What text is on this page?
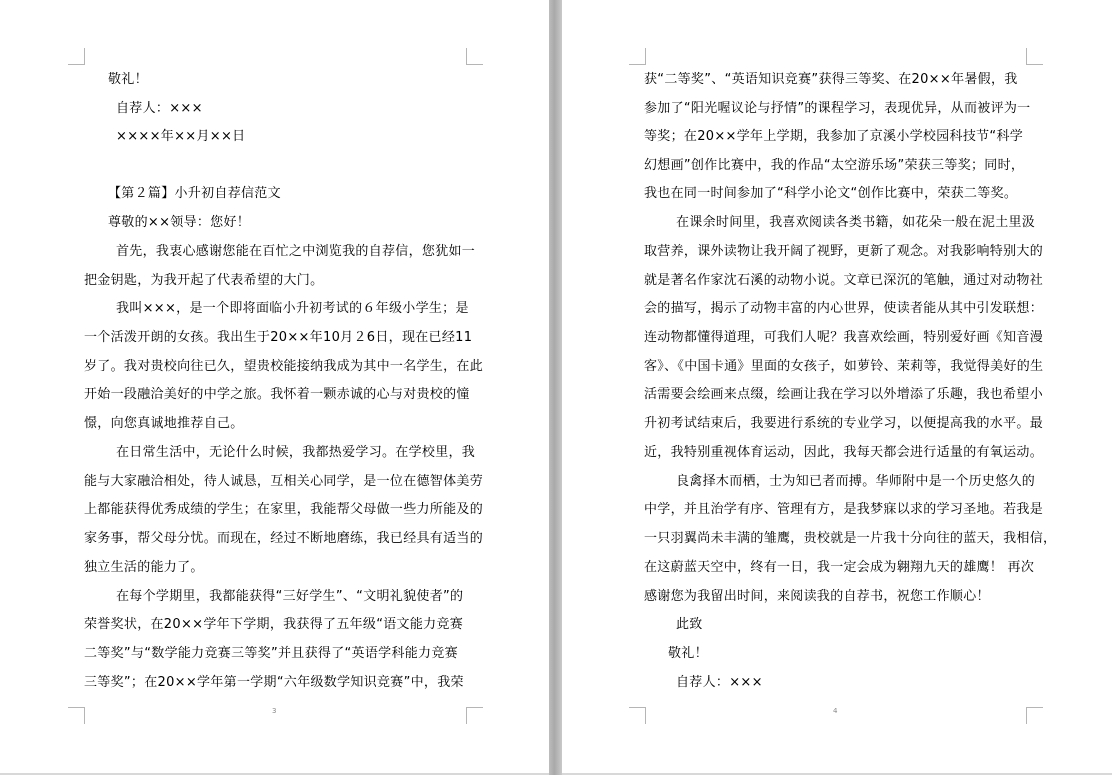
敬礼！

自荐人：×××

××××年××月××日

【第２篇】小升初自荐信范文

尊敬的××领导：您好！

首先，我衷心感谢您能在百忙之中浏览我的自荐信，您犹如一

把金钥匙，为我开起了代表希望的大门。

我叫×××，是一个即将面临小升初考试的６年级小学生；是

一个活泼开朗的女孩。我出生于20××年10月２6日，现在已经11

岁了。我对贵校向往已久，望贵校能接纳我成为其中一名学生，在此

开始一段融洽美好的中学之旅。我怀着一颗赤诚的心与对贵校的憧

憬，向您真诚地推荐自己。

在日常生活中，无论什么时候，我都热爱学习。在学校里，我

能与大家融洽相处，待人诚恳，互相关心同学，是一位在德智体美劳

上都能获得优秀成绩的学生；在家里，我能帮父母做一些力所能及的

家务事，帮父母分忧。而现在，经过不断地磨练，我已经具有适当的

独立生活的能力了。

在每个学期里，我都能获得“三好学生”、“文明礼貌使者”的

荣誉奖状，在20××学年下学期，我获得了五年级“语文能力竞赛

二等奖”与“数学能力竞赛三等奖”并且获得了“英语学科能力竞赛

三等奖”；在20××学年第一学期“六年级数学知识竞赛”中，我荣

3

获“二等奖”、“英语知识竞赛”获得三等奖、在20××年暑假，我

参加了“阳光喔议论与抒情”的课程学习，表现优异，从而被评为一

等奖；在20××学年上学期，我参加了京溪小学校园科技节“科学

幻想画”创作比赛中，我的作品“太空游乐场”荣获三等奖；同时，

我也在同一时间参加了“科学小论文“创作比赛中，荣获二等奖。

在课余时间里，我喜欢阅读各类书籍，如花朵一般在泥土里汲

取营养，课外读物让我开阔了视野，更新了观念。对我影响特别大的

就是著名作家沈石溪的动物小说。文章已深沉的笔触，通过对动物社

会的描写，揭示了动物丰富的内心世界，使读者能从其中引发联想：

连动物都懂得道理，可我们人呢？我喜欢绘画，特别爱好画《知音漫

客》、《中国卡通》里面的女孩子，如萝铃、茉莉等，我觉得美好的生

活需要会绘画来点缀，绘画让我在学习以外增添了乐趣，我也希望小

升初考试结束后，我要进行系统的专业学习，以便提高我的水平。最

近，我特别重视体育运动，因此，我每天都会进行适量的有氧运动。

良禽择木而栖，士为知已者而搏。华师附中是一个历史悠久的

中学，并且治学有序、管理有方，是我梦寐以求的学习圣地。若我是

一只羽翼尚未丰满的雏鹰，贵校就是一片我十分向往的蓝天，我相信，

在这蔚蓝天空中，终有一日，我一定会成为翱翔九天的雄鹰！ 再次

感谢您为我留出时间，来阅读我的自荐书，祝您工作顺心！

此致

敬礼！

自荐人：×××

4
